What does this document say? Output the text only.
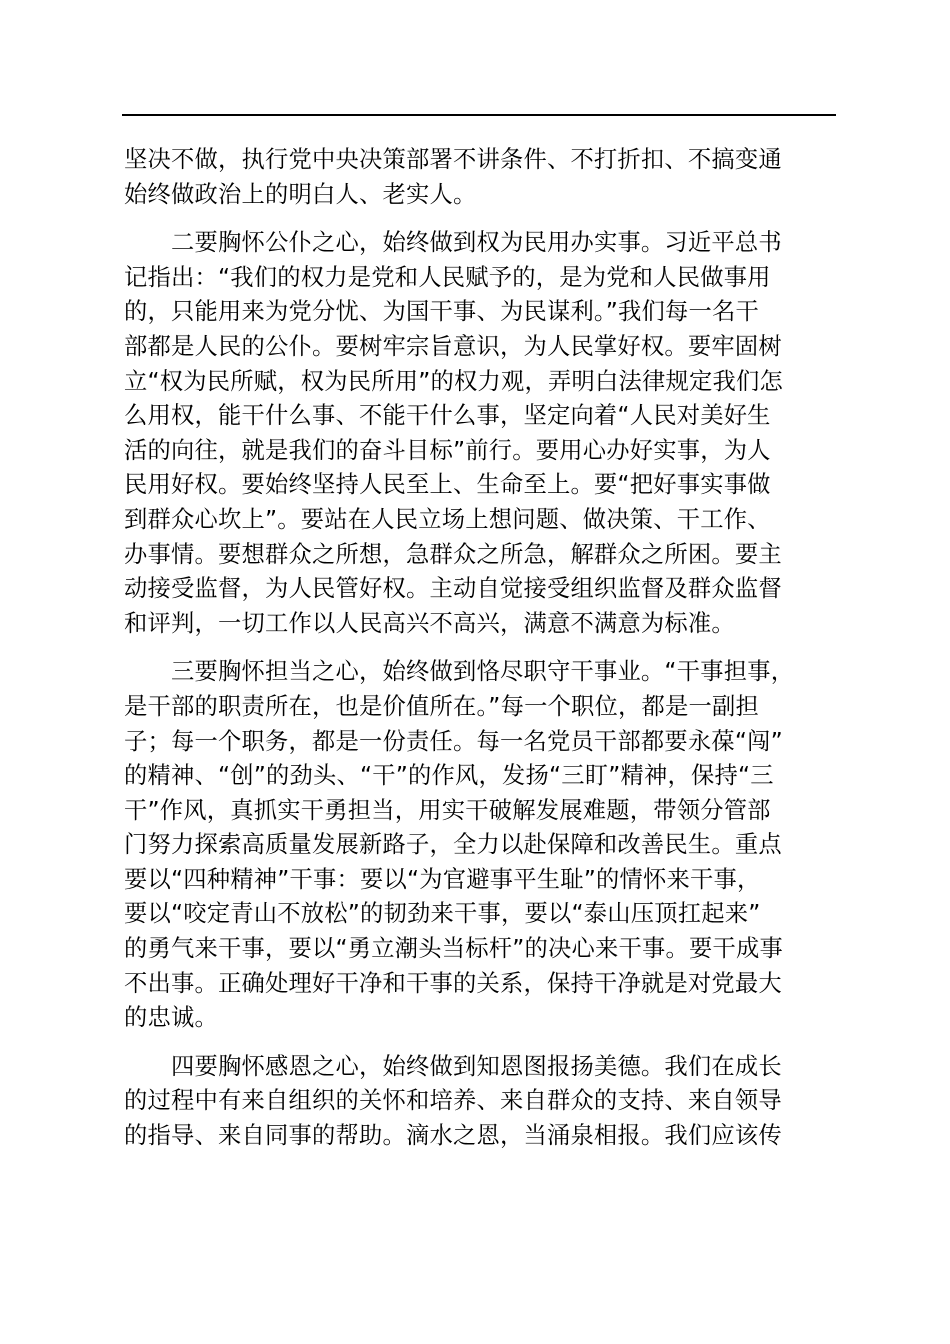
坚决不做，执行党中央决策部署不讲条件、不打折扣、不搞变通
始终做政治上的明白人、老实人。
二要胸怀公仆之心，始终做到权为民用办实事。习近平总书
记指出：“我们的权力是党和人民赋予的，是为党和人民做事用
的，只能用来为党分忧、为国干事、为民谋利。”我们每一名干
部都是人民的公仆。要树牢宗旨意识，为人民掌好权。要牢固树
立“权为民所赋，权为民所用”的权力观，弄明白法律规定我们怎
么用权，能干什么事、不能干什么事，坚定向着“人民对美好生
活的向往，就是我们的奋斗目标”前行。要用心办好实事，为人
民用好权。要始终坚持人民至上、生命至上。要“把好事实事做
到群众心坎上”。要站在人民立场上想问题、做决策、干工作、
办事情。要想群众之所想，急群众之所急，解群众之所困。要主
动接受监督，为人民管好权。主动自觉接受组织监督及群众监督
和评判，一切工作以人民高兴不高兴，满意不满意为标准。
三要胸怀担当之心，始终做到恪尽职守干事业。“干事担事，
是干部的职责所在，也是价值所在。”每一个职位，都是一副担
子；每一个职务，都是一份责任。每一名党员干部都要永葆“闯”
的精神、“创”的劲头、“干”的作风，发扬“三盯”精神，保持“三
干”作风，真抓实干勇担当，用实干破解发展难题，带领分管部
门努力探索高质量发展新路子，全力以赴保障和改善民生。重点
要以“四种精神”干事：要以“为官避事平生耻”的情怀来干事，
要以“咬定青山不放松”的韧劲来干事，要以“泰山压顶扛起来”
的勇气来干事，要以“勇立潮头当标杆”的决心来干事。要干成事
不出事。正确处理好干净和干事的关系，保持干净就是对党最大
的忠诚。
四要胸怀感恩之心，始终做到知恩图报扬美德。我们在成长
的过程中有来自组织的关怀和培养、来自群众的支持、来自领导
的指导、来自同事的帮助。滴水之恩，当涌泉相报。我们应该传
